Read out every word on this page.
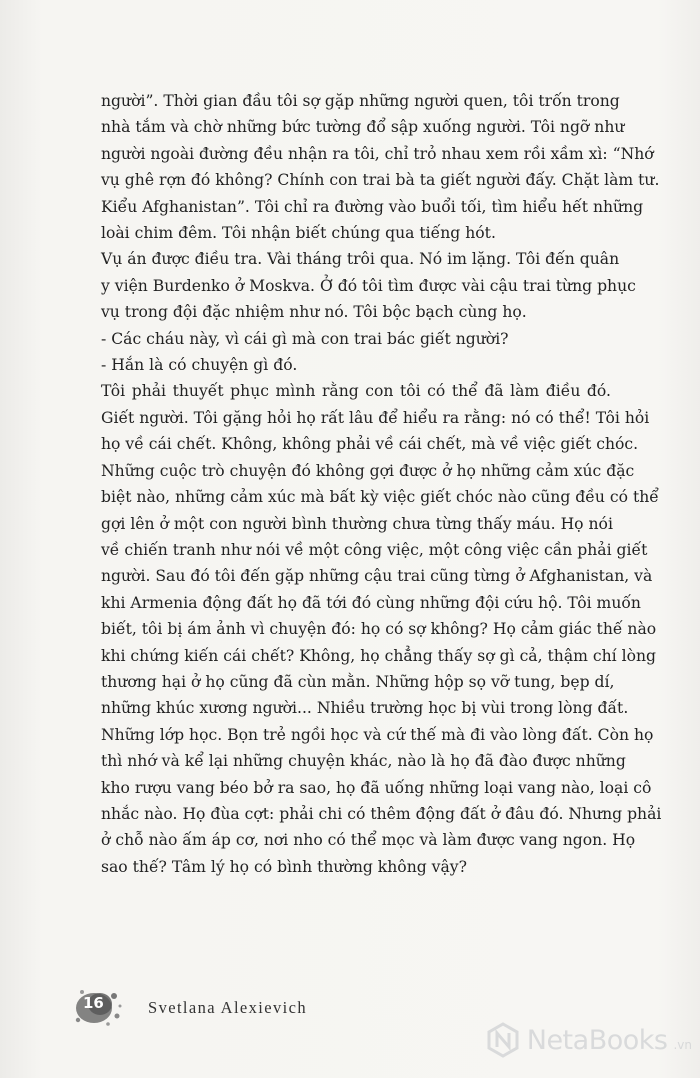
người”. Thời gian đầu tôi sợ gặp những người quen, tôi trốn trong
nhà tắm và chờ những bức tường đổ sập xuống người. Tôi ngỡ như
người ngoài đường đều nhận ra tôi, chỉ trỏ nhau xem rồi xầm xì: “Nhớ
vụ ghê rợn đó không? Chính con trai bà ta giết người đấy. Chặt làm tư.
Kiểu Afghanistan”. Tôi chỉ ra đường vào buổi tối, tìm hiểu hết những
loài chim đêm. Tôi nhận biết chúng qua tiếng hót.

Vụ án được điều tra. Vài tháng trôi qua. Nó im lặng. Tôi đến quân
y viện Burdenko ở Moskva. Ở đó tôi tìm được vài cậu trai từng phục
vụ trong đội đặc nhiệm như nó. Tôi bộc bạch cùng họ.

- Các cháu này, vì cái gì mà con trai bác giết người?

- Hắn là có chuyện gì đó.

Tôi phải thuyết phục mình rằng con tôi có thể đã làm điều đó.
Giết người. Tôi gặng hỏi họ rất lâu để hiểu ra rằng: nó có thể! Tôi hỏi
họ về cái chết. Không, không phải về cái chết, mà về việc giết chóc.
Những cuộc trò chuyện đó không gợi được ở họ những cảm xúc đặc
biệt nào, những cảm xúc mà bất kỳ việc giết chóc nào cũng đều có thể
gợi lên ở một con người bình thường chưa từng thấy máu. Họ nói
về chiến tranh như nói về một công việc, một công việc cần phải giết
người. Sau đó tôi đến gặp những cậu trai cũng từng ở Afghanistan, và
khi Armenia động đất họ đã tới đó cùng những đội cứu hộ. Tôi muốn
biết, tôi bị ám ảnh vì chuyện đó: họ có sợ không? Họ cảm giác thế nào
khi chứng kiến cái chết? Không, họ chẳng thấy sợ gì cả, thậm chí lòng
thương hại ở họ cũng đã cùn mằn. Những hộp sọ vỡ tung, bẹp dí,
những khúc xương người... Nhiều trường học bị vùi trong lòng đất.
Những lớp học. Bọn trẻ ngồi học và cứ thế mà đi vào lòng đất. Còn họ
thì nhớ và kể lại những chuyện khác, nào là họ đã đào được những
kho rượu vang béo bở ra sao, họ đã uống những loại vang nào, loại cô
nhắc nào. Họ đùa cợt: phải chi có thêm động đất ở đâu đó. Nhưng phải
ở chỗ nào ấm áp cơ, nơi nho có thể mọc và làm được vang ngon. Họ
sao thế? Tâm lý họ có bình thường không vậy?

16	Svetlana Alexievich
NetaBooks .vn
